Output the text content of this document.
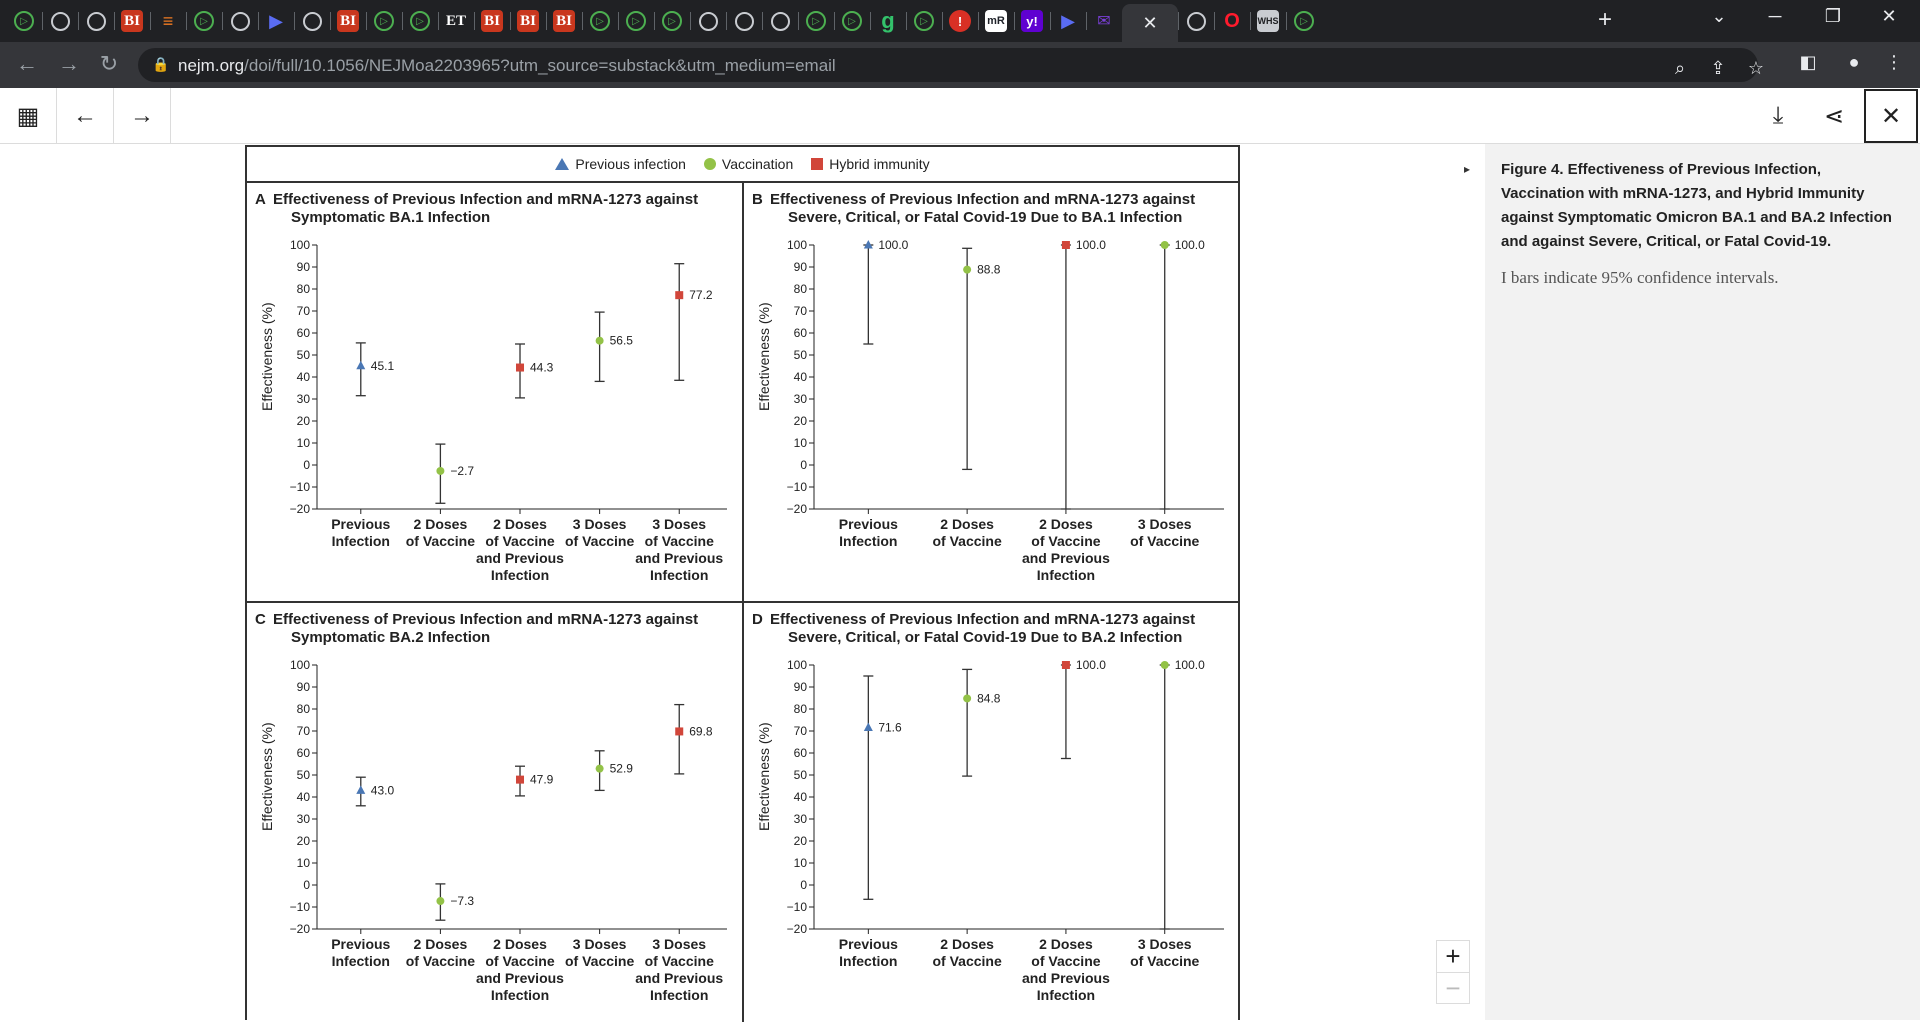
+	⌄	─	❐	✕
▷	BI	≡	▷	▶	BI	▷	▷	ET BI BI BI	▷	▷	▷	▷	▷ g	▷	!	mR	y! ▶ ✉ ✕	O	WHS	▷
← → ↻	🔒 nejm.org/doi/full/10.1056/NEJMoa2203965?utm_source=substack&utm_medium=email	⌕	⇪	☆	◧	●	⋮
▦	←	→	⤓	⋖	✕
Previous infection	Vaccination	Hybrid immunity
A Effectiveness of Previous Infection and mRNA-1273 against
Symptomatic BA.1 Infection
−20
−10
0
10
20
30
40
50
60
70
80
90
100
Previous Infection
45.1
2 Doses of Vaccine
−2.7
2 Doses of Vaccine and Previous Infection
44.3
3 Doses of Vaccine
56.5
3 Doses of Vaccine and Previous Infection
77.2
Effectiveness (%)
B Effectiveness of Previous Infection and mRNA-1273 against
Severe, Critical, or Fatal Covid-19 Due to BA.1 Infection
−20
−10
0
10
20
30
40
50
60
70
80
90
100
Previous Infection
100.0
2 Doses of Vaccine
88.8
2 Doses of Vaccine and Previous Infection
100.0
3 Doses of Vaccine
100.0
Effectiveness (%)
C Effectiveness of Previous Infection and mRNA-1273 against
Symptomatic BA.2 Infection
−20
−10
0
10
20
30
40
50
60
70
80
90
100
Previous Infection
43.0
2 Doses of Vaccine
−7.3
2 Doses of Vaccine and Previous Infection
47.9
3 Doses of Vaccine
52.9
3 Doses of Vaccine and Previous Infection
69.8
Effectiveness (%)
D Effectiveness of Previous Infection and mRNA-1273 against
Severe, Critical, or Fatal Covid-19 Due to BA.2 Infection
−20
−10
0
10
20
30
40
50
60
70
80
90
100
Previous Infection
71.6
2 Doses of Vaccine
84.8
2 Doses of Vaccine and Previous Infection
100.0
3 Doses of Vaccine
100.0
Effectiveness (%)
▸	Figure 4. Effectiveness of Previous Infection, Vaccination with mRNA-1273, and Hybrid Immunity against Symptomatic Omicron BA.1 and BA.2 Infection and against Severe, Critical, or Fatal Covid-19.
I bars indicate 95% confidence intervals.
+
−
